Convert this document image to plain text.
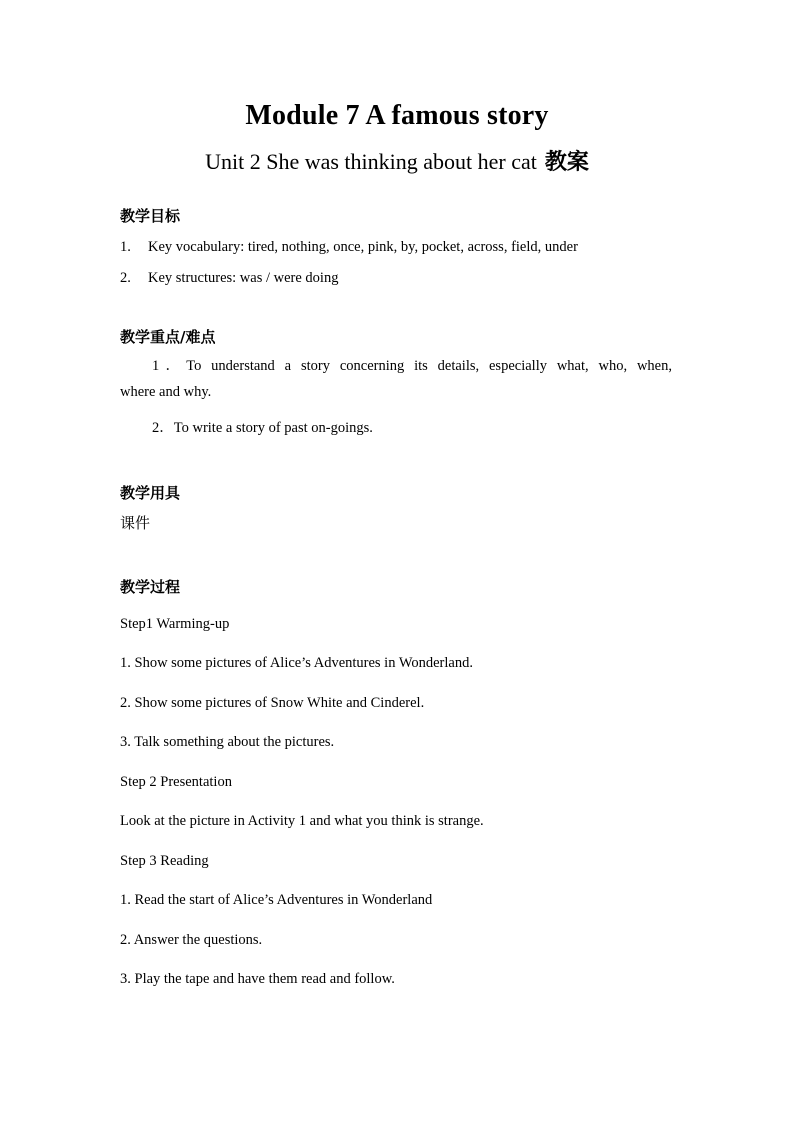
Module 7 A famous story
Unit 2 She was thinking about her cat 教案
教学目标
1. Key vocabulary: tired, nothing, once, pink, by, pocket, across, field, under
2. Key structures: was / were doing
教学重点/难点
1．To understand a story concerning its details, especially what, who, when,
where and why.
2．To write a story of past on-goings.
教学用具
课件
教学过程
Step1 Warming-up
1. Show some pictures of Alice’s Adventures in Wonderland.
2. Show some pictures of Snow White and Cinderel.
3. Talk something about the pictures.
Step 2 Presentation
Look at the picture in Activity 1 and what you think is strange.
Step 3 Reading
1. Read the start of Alice’s Adventures in Wonderland
2. Answer the questions.
3. Play the tape and have them read and follow.
